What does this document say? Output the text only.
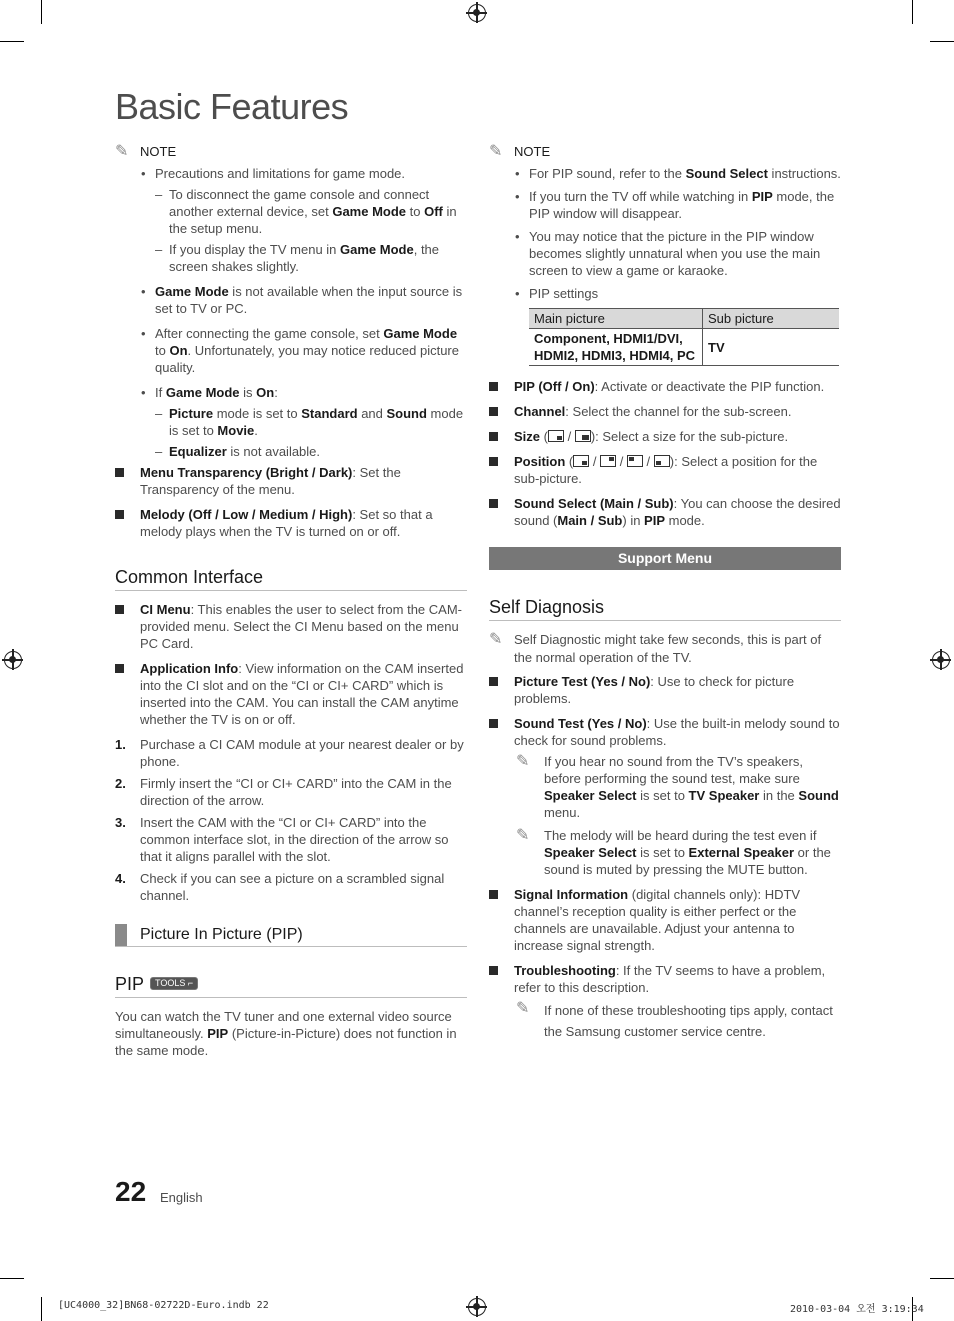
Basic Features
✎ NOTE
• Precautions and limitations for game mode.
– To disconnect the game console and connect another external device, set Game Mode to Off in the setup menu.
– If you display the TV menu in Game Mode, the screen shakes slightly.
• Game Mode is not available when the input source is set to TV or PC.
• After connecting the game console, set Game Mode to On. Unfortunately, you may notice reduced picture quality.
• If Game Mode is On:
– Picture mode is set to Standard and Sound mode is set to Movie.
– Equalizer is not available.
Menu Transparency (Bright / Dark): Set the Transparency of the menu.
Melody (Off / Low / Medium / High): Set so that a melody plays when the TV is turned on or off.
Common Interface
CI Menu: This enables the user to select from the CAM-provided menu. Select the CI Menu based on the menu PC Card.
Application Info: View information on the CAM inserted into the CI slot and on the “CI or CI+ CARD” which is inserted into the CAM. You can install the CAM anytime whether the TV is on or off.
1. Purchase a CI CAM module at your nearest dealer or by phone.
2. Firmly insert the “CI or CI+ CARD” into the CAM in the direction of the arrow.
3. Insert the CAM with the “CI or CI+ CARD” into the common interface slot, in the direction of the arrow so that it aligns parallel with the slot.
4. Check if you can see a picture on a scrambled signal channel.
Picture In Picture (PIP)
PIP TOOLS ⌐
You can watch the TV tuner and one external video source simultaneously. PIP (Picture-in-Picture) does not function in the same mode.
✎ NOTE
• For PIP sound, refer to the Sound Select instructions.
• If you turn the TV off while watching in PIP mode, the PIP window will disappear.
• You may notice that the picture in the PIP window becomes slightly unnatural when you use the main screen to view a game or karaoke.
• PIP settings
Main picture	Sub picture
Component, HDMI1/DVI, HDMI2, HDMI3, HDMI4, PC	TV
PIP (Off / On): Activate or deactivate the PIP function.
Channel: Select the channel for the sub-screen.
Size ( / ): Select a size for the sub-picture.
Position ( /  /  / ): Select a position for the sub-picture.
Sound Select (Main / Sub): You can choose the desired sound (Main / Sub) in PIP mode.
Support Menu
Self Diagnosis
✎ Self Diagnostic might take few seconds, this is part of the normal operation of the TV.
Picture Test (Yes / No): Use to check for picture problems.
Sound Test (Yes / No): Use the built-in melody sound to check for sound problems.
✎ If you hear no sound from the TV’s speakers, before performing the sound test, make sure Speaker Select is set to TV Speaker in the Sound menu.
✎ The melody will be heard during the test even if Speaker Select is set to External Speaker or the sound is muted by pressing the MUTE button.
Signal Information (digital channels only): HDTV channel’s reception quality is either perfect or the channels are unavailable. Adjust your antenna to increase signal strength.
Troubleshooting: If the TV seems to have a problem, refer to this description.
✎ If none of these troubleshooting tips apply, contact the Samsung customer service centre.
22 English
[UC4000_32]BN68-02722D-Euro.indb 22	2010-03-04 오전 3:19:34
